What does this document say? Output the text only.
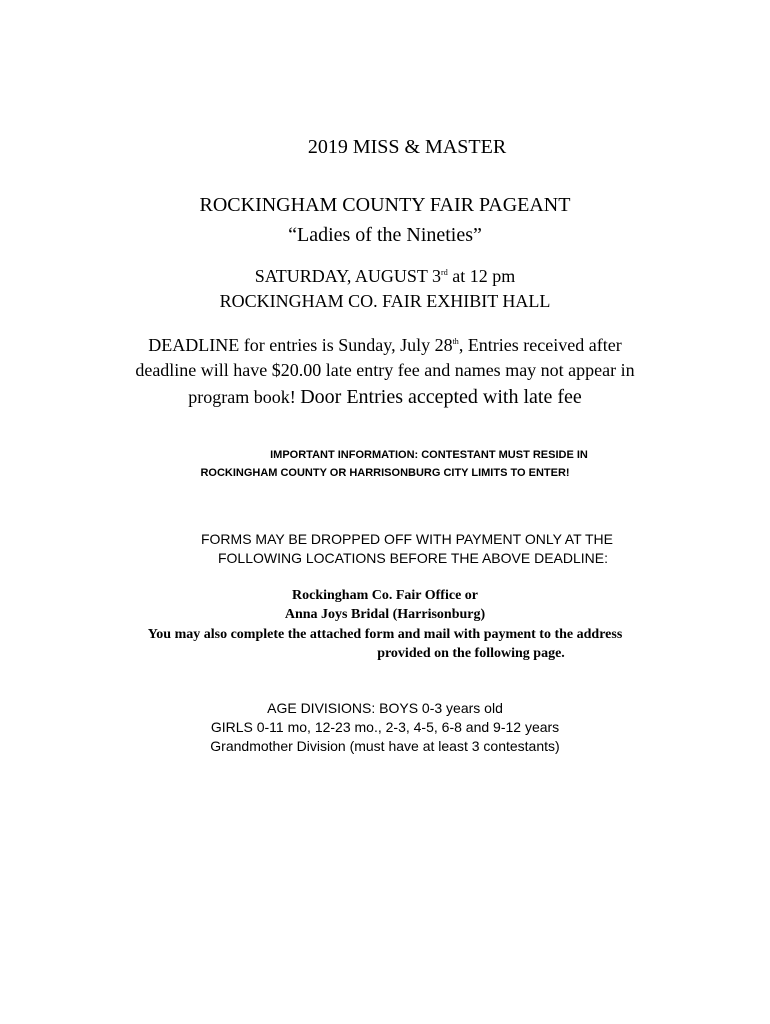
2019 MISS & MASTER
ROCKINGHAM COUNTY FAIR PAGEANT
“Ladies of the Nineties”
SATURDAY, AUGUST 3rd at 12 pm
ROCKINGHAM CO. FAIR EXHIBIT HALL
DEADLINE for entries is Sunday, July 28th, Entries received after
deadline will have $20.00 late entry fee and names may not appear in
program book! Door Entries accepted with late fee
IMPORTANT INFORMATION: CONTESTANT MUST RESIDE IN
ROCKINGHAM COUNTY OR HARRISONBURG CITY LIMITS TO ENTER!
FORMS MAY BE DROPPED OFF WITH PAYMENT ONLY AT THE
FOLLOWING LOCATIONS BEFORE THE ABOVE DEADLINE:
Rockingham Co. Fair Office or
Anna Joys Bridal (Harrisonburg)
You may also complete the attached form and mail with payment to the address
provided on the following page.
AGE DIVISIONS: BOYS 0-3 years old
GIRLS 0-11 mo, 12-23 mo., 2-3, 4-5, 6-8 and 9-12 years
Grandmother Division (must have at least 3 contestants)
